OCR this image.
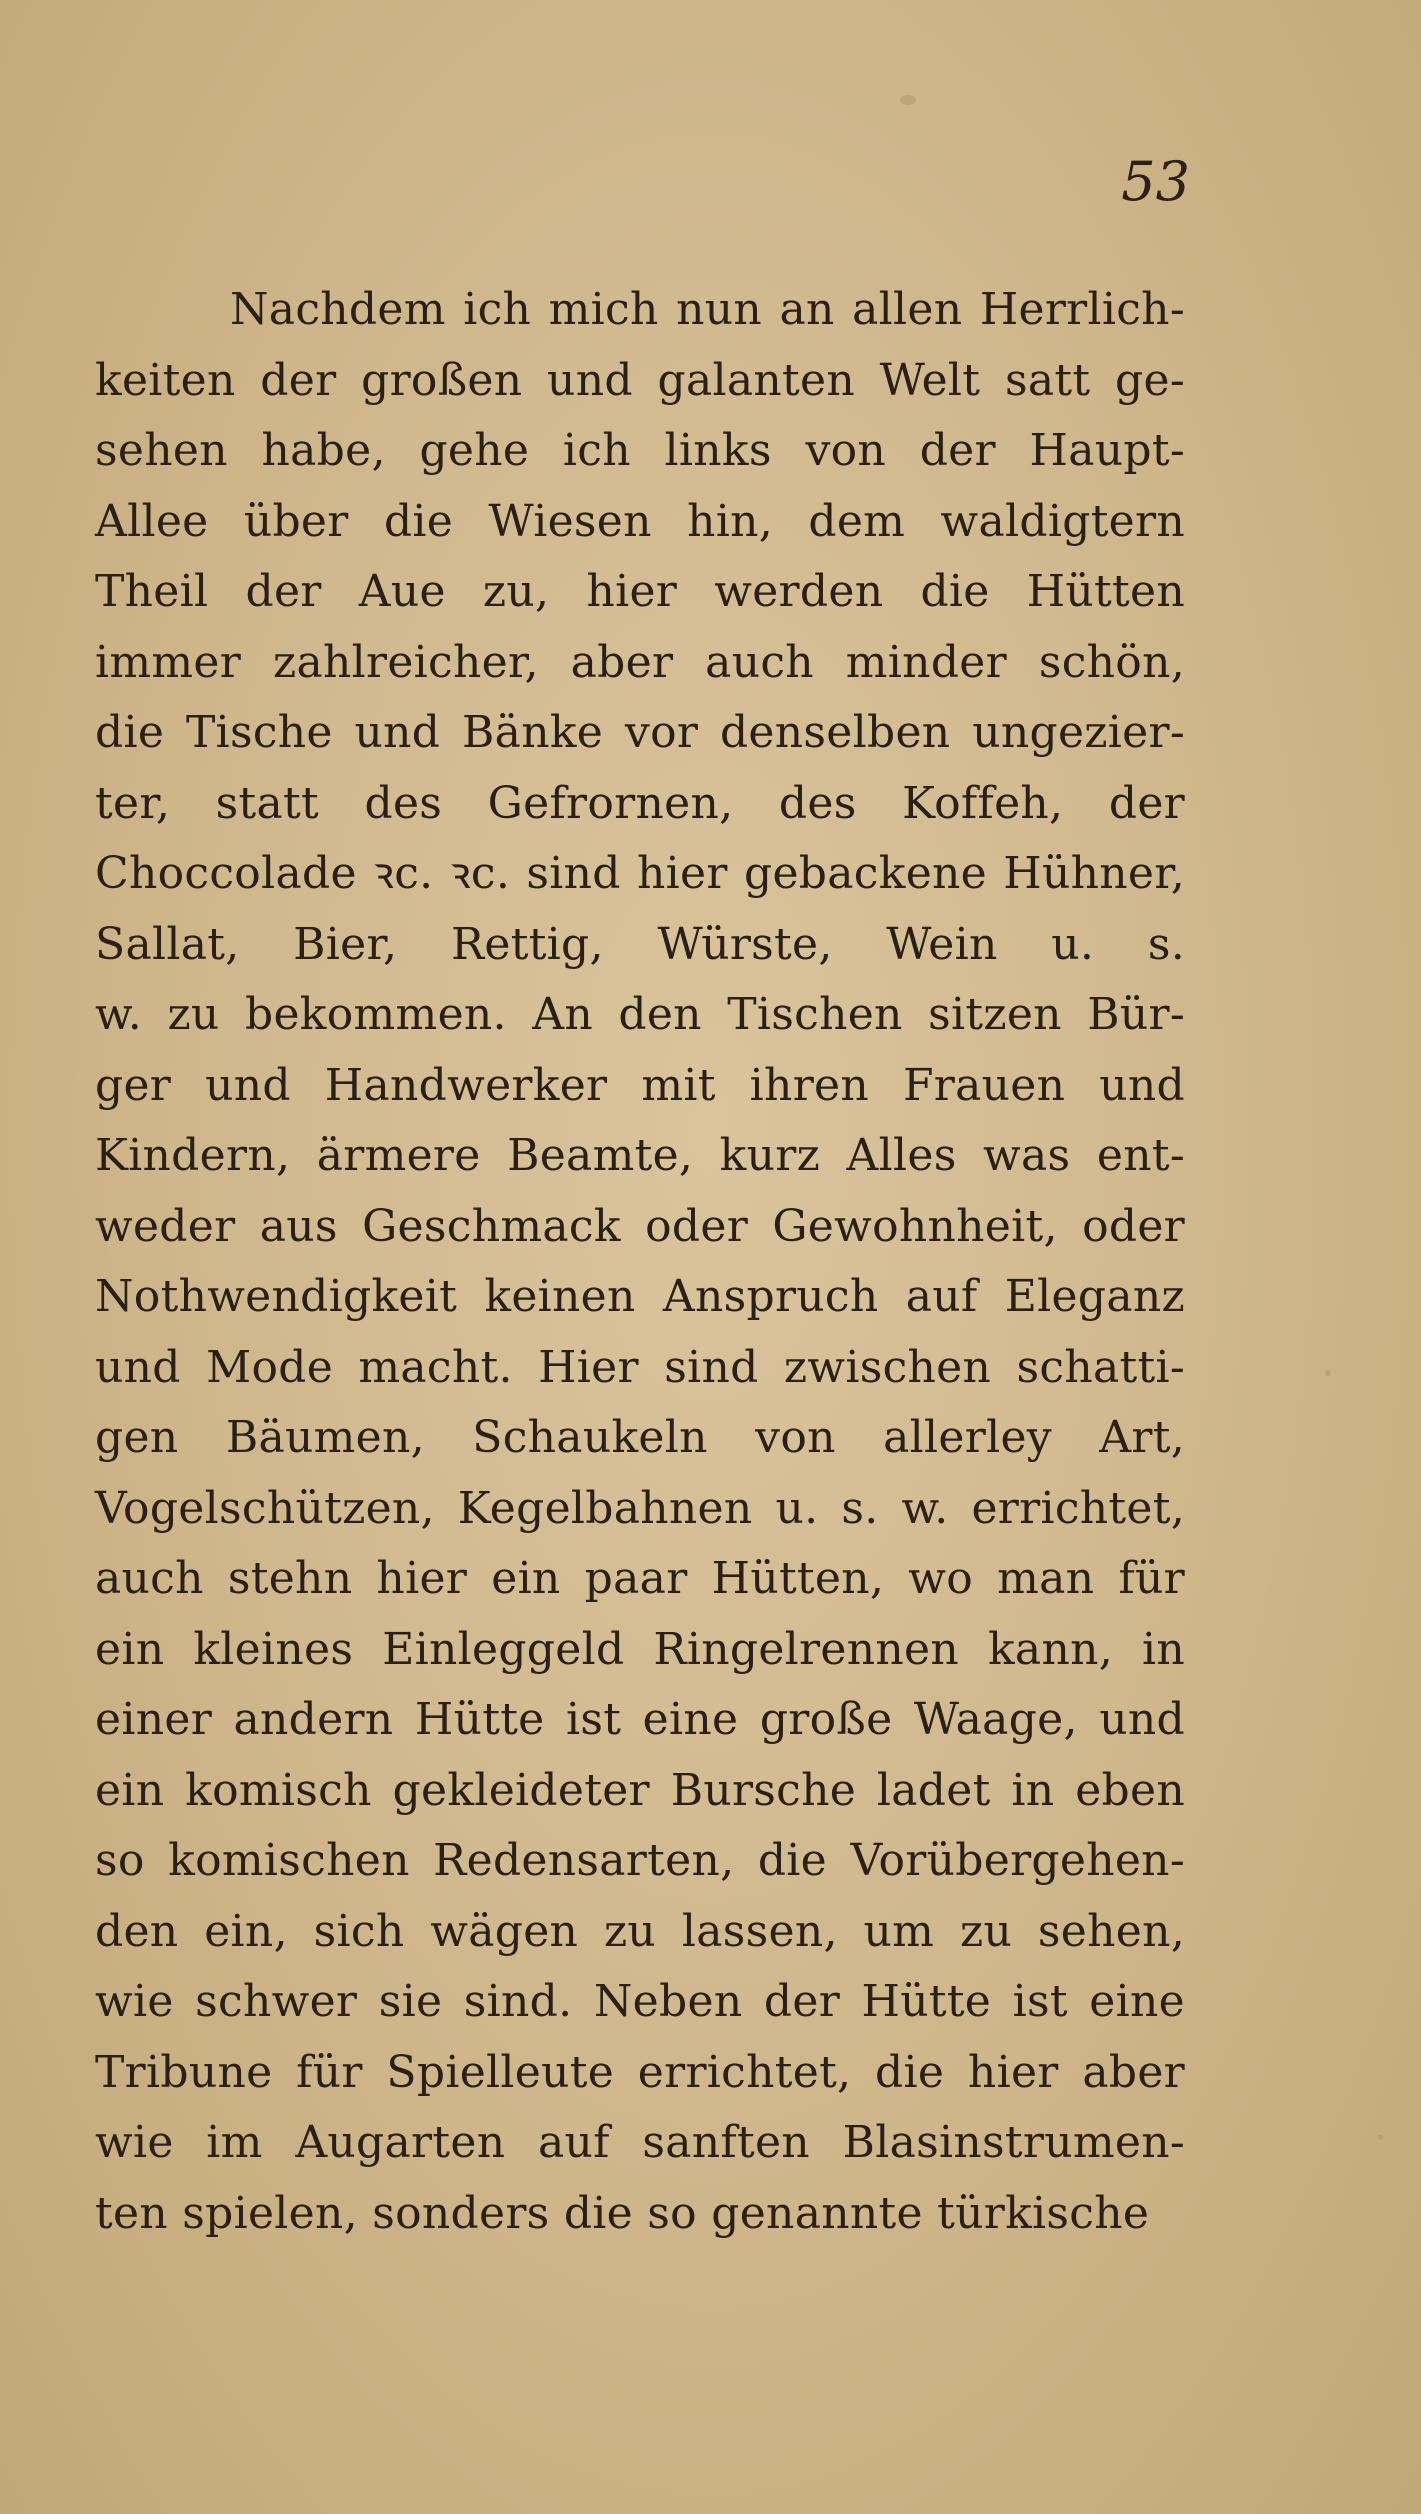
53
Nachdem ich mich nun an allen Herrlich-
keiten der großen und galanten Welt satt ge-
sehen habe, gehe ich links von der Haupt-
Allee über die Wiesen hin, dem waldigtern
Theil der Aue zu, hier werden die Hütten
immer zahlreicher, aber auch minder schön,
die Tische und Bänke vor denselben ungezier-
ter, statt des Gefrornen, des Koffeh, der
Choccolade ꝛc. ꝛc. sind hier gebackene Hühner,
Sallat, Bier, Rettig, Würste, Wein u. s.
w. zu bekommen. An den Tischen sitzen Bür-
ger und Handwerker mit ihren Frauen und
Kindern, ärmere Beamte, kurz Alles was ent-
weder aus Geschmack oder Gewohnheit, oder
Nothwendigkeit keinen Anspruch auf Eleganz
und Mode macht. Hier sind zwischen schatti-
gen Bäumen, Schaukeln von allerley Art,
Vogelschützen, Kegelbahnen u. s. w. errichtet,
auch stehn hier ein paar Hütten, wo man für
ein kleines Einleggeld Ringelrennen kann, in
einer andern Hütte ist eine große Waage, und
ein komisch gekleideter Bursche ladet in eben
so komischen Redensarten, die Vorübergehen-
den ein, sich wägen zu lassen, um zu sehen,
wie schwer sie sind. Neben der Hütte ist eine
Tribune für Spielleute errichtet, die hier aber
wie im Augarten auf sanften Blasinstrumen-
ten spielen, sonders die so genannte türkische
